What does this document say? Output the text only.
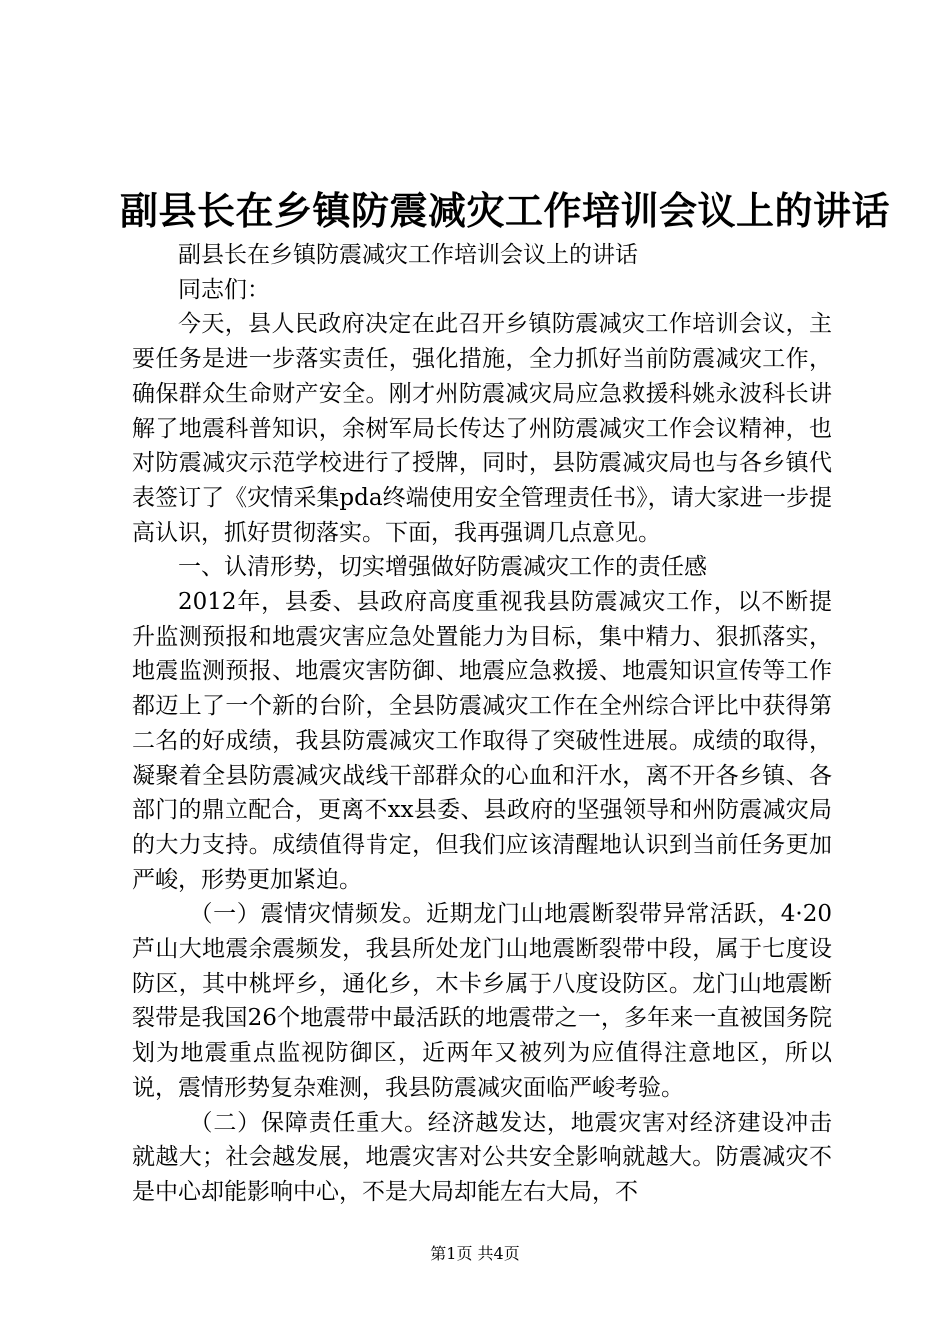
副县长在乡镇防震减灾工作培训会议上的讲话

副县长在乡镇防震减灾工作培训会议上的讲话

同志们：

今天，县人民政府决定在此召开乡镇防震减灾工作培训会议，主要任务是进一步落实责任，强化措施，全力抓好当前防震减灾工作，确保群众生命财产安全。刚才州防震减灾局应急救援科姚永波科长讲解了地震科普知识，余树军局长传达了州防震减灾工作会议精神，也对防震减灾示范学校进行了授牌，同时，县防震减灾局也与各乡镇代表签订了《灾情采集pda终端使用安全管理责任书》，请大家进一步提高认识，抓好贯彻落实。下面，我再强调几点意见。

一、认清形势，切实增强做好防震减灾工作的责任感

2012年，县委、县政府高度重视我县防震减灾工作，以不断提升监测预报和地震灾害应急处置能力为目标，集中精力、狠抓落实，地震监测预报、地震灾害防御、地震应急救援、地震知识宣传等工作都迈上了一个新的台阶，全县防震减灾工作在全州综合评比中获得第二名的好成绩，我县防震减灾工作取得了突破性进展。成绩的取得，凝聚着全县防震减灾战线干部群众的心血和汗水，离不开各乡镇、各部门的鼎立配合，更离不xx县委、县政府的坚强领导和州防震减灾局的大力支持。成绩值得肯定，但我们应该清醒地认识到当前任务更加严峻，形势更加紧迫。

（一）震情灾情频发。近期龙门山地震断裂带异常活跃，4·20芦山大地震余震频发，我县所处龙门山地震断裂带中段，属于七度设防区，其中桃坪乡，通化乡，木卡乡属于八度设防区。龙门山地震断裂带是我国26个地震带中最活跃的地震带之一，多年来一直被国务院划为地震重点监视防御区，近两年又被列为应值得注意地区，所以说，震情形势复杂难测，我县防震减灾面临严峻考验。

（二）保障责任重大。经济越发达，地震灾害对经济建设冲击就越大；社会越发展，地震灾害对公共安全影响就越大。防震减灾不是中心却能影响中心，不是大局却能左右大局，不

第1页 共4页
